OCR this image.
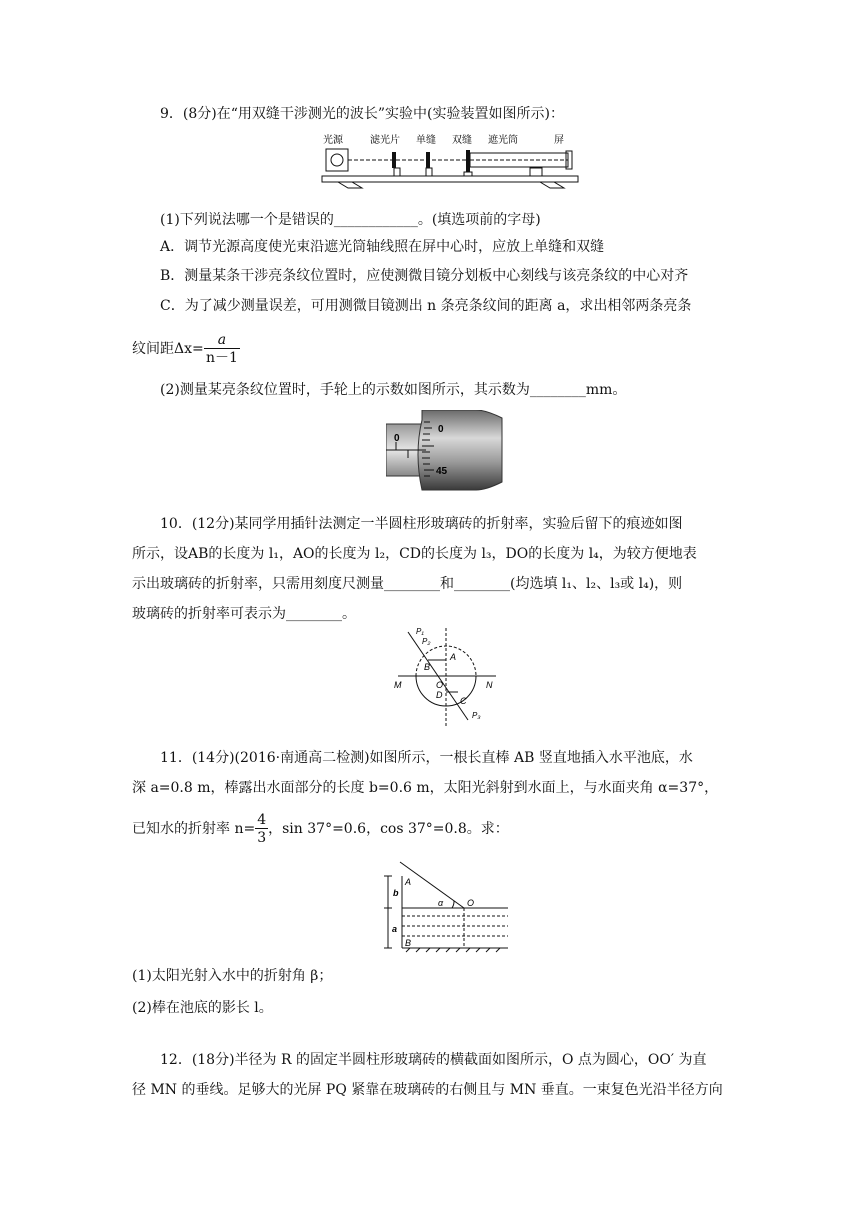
9．(8分)在“用双缝干涉测光的波长”实验中(实验装置如图所示)：
光源	滤光片 单缝 双缝 遮光筒	屏
(1)下列说法哪一个是错误的____________。(填选项前的字母)
A．调节光源高度使光束沿遮光筒轴线照在屏中心时，应放上单缝和双缝
B．测量某条干涉亮条纹位置时，应使测微目镜分划板中心刻线与该亮条纹的中心对齐
C．为了减少测量误差，可用测微目镜测出 n 条亮条纹间的距离 a，求出相邻两条亮条
纹间距$\Delta x= \frac{a}{n-1}$
(2)测量某亮条纹位置时，手轮上的示数如图所示，其示数为________mm。
0
0
45
10．(12分)某同学用插针法测定一半圆柱形玻璃砖的折射率，实验后留下的痕迹如图
所示，设AB的长度为 l₁，AO的长度为 l₂，CD的长度为 l₃，DO的长度为 l₄，为较方便地表
示出玻璃砖的折射率，只需用刻度尺测量________和________(均选填 l₁、l₂、l₃或 l₄)，则
玻璃砖的折射率可表示为________。
P₁
P₂
P₃
A
B
C
D
O
M	N
11．(14分)(2016·南通高二检测)如图所示，一根长直棒 AB 竖直地插入水平池底，水
深 a=0.8 m，棒露出水面部分的长度 b=0.6 m，太阳光斜射到水面上，与水面夹角 α=37°，
已知水的折射率 $n= \frac{4}{3}$ ，sin 37°=0.6，cos 37°=0.8。求：
A
b
α	O
a
B
(1)太阳光射入水中的折射角 β；
(2)棒在池底的影长 l。
12．(18分)半径为 R 的固定半圆柱形玻璃砖的横截面如图所示，O 点为圆心，OO′ 为直
径 MN 的垂线。足够大的光屏 PQ 紧靠在玻璃砖的右侧且与 MN 垂直。一束复色光沿半径方向
